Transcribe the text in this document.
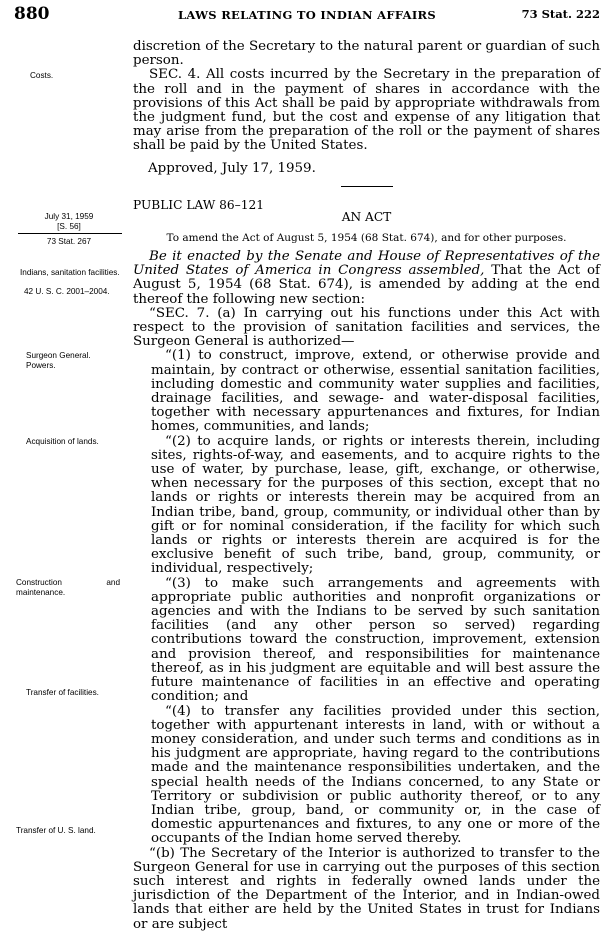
880	LAWS RELATING TO INDIAN AFFAIRS	73 Stat. 222
Costs.
July 31, 1959
[S. 56]
73 Stat. 267
Indians, sanitation facilities.
42 U. S. C. 2001–2004.
Surgeon General. Powers.
Acquisition of lands.
Construction and maintenance.
Transfer of facilities.
Transfer of U. S. land.

discretion of the Secretary to the natural parent or guardian of such person.

SEC. 4. All costs incurred by the Secretary in the preparation of the roll and in the payment of shares in accordance with the provisions of this Act shall be paid by appropriate withdrawals from the judgment fund, but the cost and expense of any litigation that may arise from the preparation of the roll or the payment of shares shall be paid by the United States.

Approved, July 17, 1959.
PUBLIC LAW 86–121
AN ACT
To amend the Act of August 5, 1954 (68 Stat. 674), and for other purposes.

Be it enacted by the Senate and House of Representatives of the United States of America in Congress assembled, That the Act of August 5, 1954 (68 Stat. 674), is amended by adding at the end thereof the following new section:

“SEC. 7. (a) In carrying out his functions under this Act with respect to the provision of sanitation facilities and services, the Surgeon General is authorized—

“(1) to construct, improve, extend, or otherwise provide and maintain, by contract or otherwise, essential sanitation facilities, including domestic and community water supplies and facilities, drainage facilities, and sewage- and water-disposal facilities, together with necessary appurtenances and fixtures, for Indian homes, communities, and lands;

“(2) to acquire lands, or rights or interests therein, including sites, rights-of-way, and easements, and to acquire rights to the use of water, by purchase, lease, gift, exchange, or otherwise, when necessary for the purposes of this section, except that no lands or rights or interests therein may be acquired from an Indian tribe, band, group, community, or individual other than by gift or for nominal consideration, if the facility for which such lands or rights or interests therein are acquired is for the exclusive benefit of such tribe, band, group, community, or individual, respectively;

“(3) to make such arrangements and agreements with appropriate public authorities and nonprofit organizations or agencies and with the Indians to be served by such sanitation facilities (and any other person so served) regarding contributions toward the construction, improvement, extension and provision thereof, and responsibilities for maintenance thereof, as in his judgment are equitable and will best assure the future maintenance of facilities in an effective and operating condition; and

“(4) to transfer any facilities provided under this section, together with appurtenant interests in land, with or without a money consideration, and under such terms and conditions as in his judgment are appropriate, having regard to the contributions made and the maintenance responsibilities undertaken, and the special health needs of the Indians concerned, to any State or Territory or subdivision or public authority thereof, or to any Indian tribe, group, band, or community or, in the case of domestic appurtenances and fixtures, to any one or more of the occupants of the Indian home served thereby.

“(b) The Secretary of the Interior is authorized to transfer to the Surgeon General for use in carrying out the purposes of this section such interest and rights in federally owned lands under the jurisdiction of the Department of the Interior, and in Indian-owed lands that either are held by the United States in trust for Indians or are subject
